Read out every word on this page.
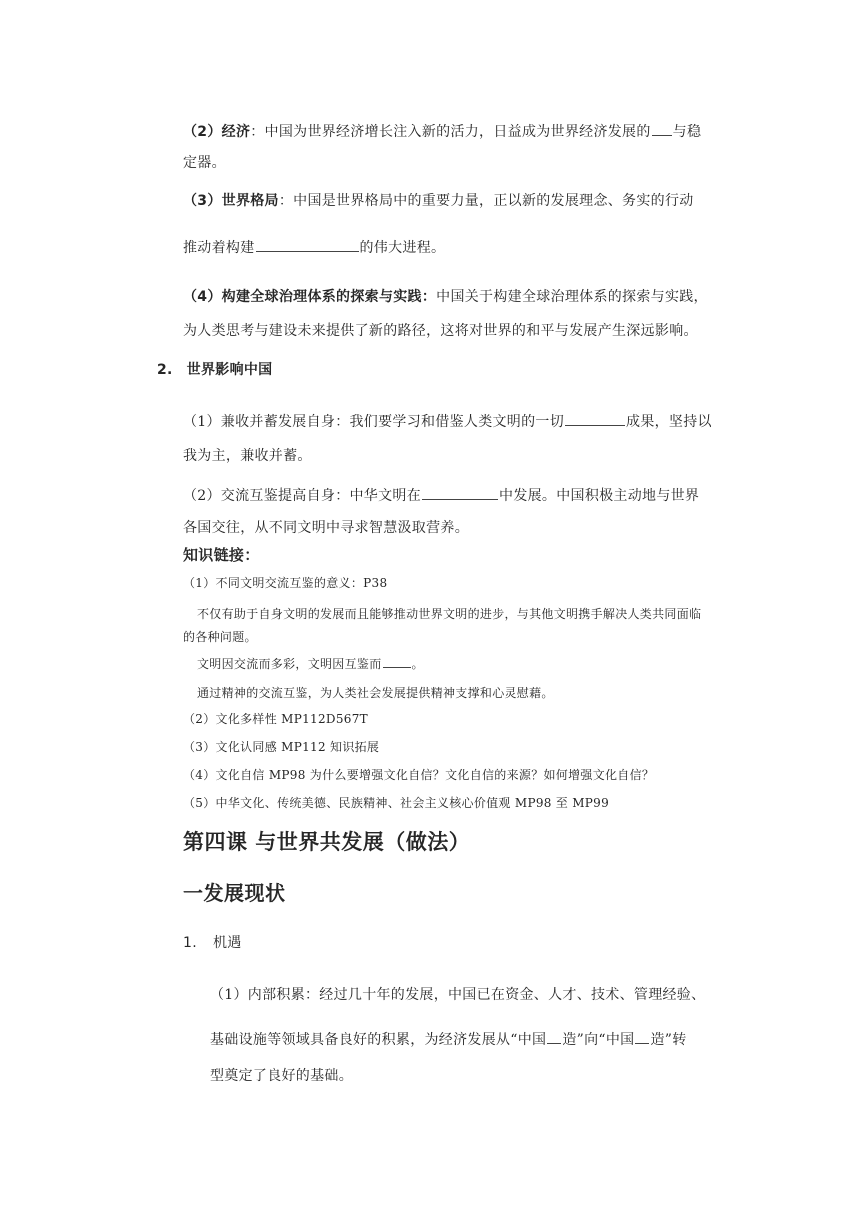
（2）经济：中国为世界经济增长注入新的活力，日益成为世界经济发展的 与稳
定器。
（3）世界格局：中国是世界格局中的重要力量，正以新的发展理念、务实的行动
推动着构建	的伟大进程。
（4）构建全球治理体系的探索与实践：中国关于构建全球治理体系的探索与实践，
为人类思考与建设未来提供了新的路径，这将对世界的和平与发展产生深远影响。
2. 世界影响中国
（1）兼收并蓄发展自身：我们要学习和借鉴人类文明的一切	成果，坚持以
我为主，兼收并蓄。
（2）交流互鉴提高自身：中华文明在	中发展。中国积极主动地与世界
各国交往，从不同文明中寻求智慧汲取营养。
知识链接：
（1）不同文明交流互鉴的意义：P38
不仅有助于自身文明的发展而且能够推动世界文明的进步，与其他文明携手解决人类共同面临
的各种问题。
文明因交流而多彩，文明因互鉴而	。
通过精神的交流互鉴，为人类社会发展提供精神支撑和心灵慰藉。
（2）文化多样性 MP112D567T
（3）文化认同感 MP112 知识拓展
（4）文化自信 MP98 为什么要增强文化自信？文化自信的来源？如何增强文化自信？
（5）中华文化、传统美德、民族精神、社会主义核心价值观 MP98 至 MP99
第四课 与世界共发展（做法）
一发展现状
1. 机遇
（1）内部积累：经过几十年的发展，中国已在资金、人才、技术、管理经验、
基础设施等领域具备良好的积累，为经济发展从“中国 造”向“中国 造”转
型奠定了良好的基础。
